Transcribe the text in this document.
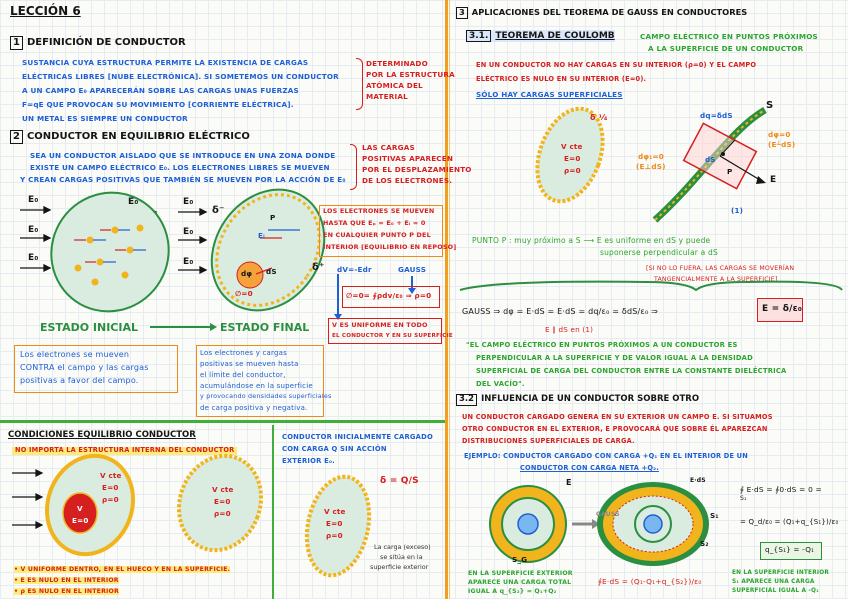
LECCIÓN 6
1 DEFINICIÓN DE CONDUCTOR
SUSTANCIA CUYA ESTRUCTURA PERMITE LA EXISTENCIA DE CARGAS
ELÉCTRICAS LIBRES [NUBE ELECTRÓNICA]. SI SOMETEMOS UN CONDUCTOR
A UN CAMPO E₀ APARECERÁN SOBRE LAS CARGAS UNAS FUERZAS
F=qE QUE PROVOCAN SU MOVIMIENTO [CORRIENTE ELÉCTRICA].
UN METAL ES SIEMPRE UN CONDUCTOR
DETERMINADO
POR LA ESTRUCTURA
ATÓMICA DEL
MATERIAL
2 CONDUCTOR EN EQUILIBRIO ELÉCTRICO
SEA UN CONDUCTOR AISLADO QUE SE INTRODUCE EN UNA ZONA DONDE
EXISTE UN CAMPO ELÉCTRICO E₀. LOS ELECTRONES LIBRES SE MUEVEN
Y CREAN CARGAS POSITIVAS QUE TAMBIÉN SE MUEVEN POR LA ACCIÓN DE E₀
LAS CARGAS
POSITIVAS APARECEN
POR EL DESPLAZAMIENTO
DE LOS ELECTRONES.
E₀
E₀
E₀
E₀	E₀
E₀
E₀
δ⁻
δ⁺
Eᵢ
P
dφ dS
∅=0
LOS ELECTRONES SE MUEVEN
HASTA QUE Eₚ = E₀ + Eᵢ = 0
EN CUALQUIER PUNTO P DEL
INTERIOR [EQUILIBRIO EN REPOSO]
dV=-Edr	GAUSS
∅=0= ∮ρdv/ε₀ ⇒ ρ=0
V ES UNIFORME EN TODO
EL CONDUCTOR Y EN SU SUPERFICIE
ESTADO INICIAL	ESTADO FINAL
Los electrones se mueven
CONTRA el campo y las cargas
positivas a favor del campo.
Los electrones y cargas
positivas se mueven hasta
el límite del conductor,
acumulándose en la superficie
y provocando densidades superficiales
de carga positiva y negativa.
CONDICIONES EQUILIBRIO CONDUCTOR
NO IMPORTA LA ESTRUCTURA INTERNA DEL CONDUCTOR
V cte
E=0
ρ=0
V
E=0
V cte
E=0
ρ=0
• V UNIFORME DENTRO, EN EL HUECO Y EN LA SUPERFICIE.
• E ES NULO EN EL INTERIOR
• ρ ES NULO EN EL INTERIOR
CONDUCTOR INICIALMENTE CARGADO
CON CARGA Q SIN ACCIÓN
EXTERIOR E₀.
δ = Q/S
V cte
E=0
ρ=0
La carga (exceso)
se sitúa en la
superficie exterior
3 APLICACIONES DEL TEOREMA DE GAUSS EN CONDUCTORES
3.1. TEOREMA DE COULOMB	CAMPO ELÉCTRICO EN PUNTOS PRÓXIMOS
A LA SUPERFICIE DE UN CONDUCTOR
EN UN CONDUCTOR NO HAY CARGAS EN SU INTERIOR (ρ=0) Y EL CAMPO
ELÉCTRICO ES NULO EN SU INTERIOR (E=0).
SÓLO HAY CARGAS SUPERFICIALES
δ ¹⁄₄
V cte
E=0
ρ=0
dq=δdS
S
dφ=0
(E┴dS)
dφ₁=0
(E⊥dS)
dS
P
E
(1)
PUNTO P : muy próximo a S ⟶ E es uniforme en dS y puede
suponerse perpendicular a dS
[SI NO LO FUERA, LAS CARGAS SE MOVERÍAN
TANGENCIALMENTE A LA SUPERFICIE]
GAUSS ⇒ dφ = E·dS = E·dS = dq/ε₀ = δdS/ε₀ ⇒
E ∥ dS en (1)
E = δ/ε₀
"EL CAMPO ELÉCTRICO EN PUNTOS PRÓXIMOS A UN CONDUCTOR ES
PERPENDICULAR A LA SUPERFICIE Y DE VALOR IGUAL A LA DENSIDAD
SUPERFICIAL DE CARGA DEL CONDUCTOR ENTRE LA CONSTANTE DIELÉCTRICA
DEL VACÍO".
3.2 INFLUENCIA DE UN CONDUCTOR SOBRE OTRO
UN CONDUCTOR CARGADO GENERA EN SU EXTERIOR UN CAMPO E. SI SITUAMOS
OTRO CONDUCTOR EN EL EXTERIOR, E PROVOCARÁ QUE SOBRE ÉL APAREZCAN
DISTRIBUCIONES SUPERFICIALES DE CARGA.
EJEMPLO: CONDUCTOR CARGADO CON CARGA +Q₁ EN EL INTERIOR DE UN
CONDUCTOR CON CARGA NETA +Q₂.
E	E·dS
S₁
S₂
S_G
GAUSS
∮ E·dS = ∮0·dS = 0 =
S₁
= Q_d/ε₀ = (Q₁+q_{S₁})/ε₀
q_{S₁} = -Q₁
EN LA SUPERFICIE EXTERIOR
APARECE UNA CARGA TOTAL
IGUAL A q_{S₂} = Q₁+Q₂
∮E·dS = (Q₁-Q₁+q_{S₂})/ε₀
EN LA SUPERFICIE INTERIOR
S₁ APARECE UNA CARGA
SUPERFICIAL IGUAL A -Q₁
